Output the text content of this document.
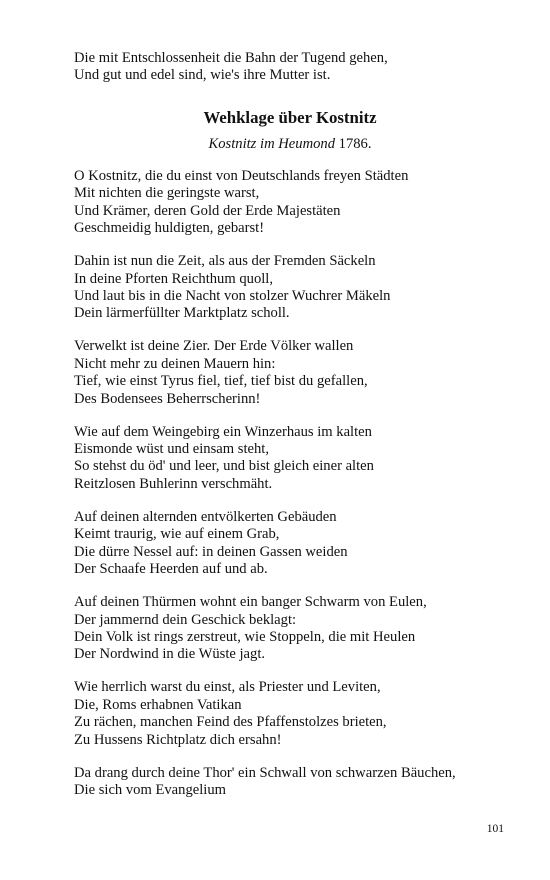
Die mit Entschlossenheit die Bahn der Tugend gehen,
Und gut und edel sind, wie's ihre Mutter ist.
Wehklage über Kostnitz
Kostnitz im Heumond 1786.
O Kostnitz, die du einst von Deutschlands freyen Städten
Mit nichten die geringste warst,
Und Krämer, deren Gold der Erde Majestäten
Geschmeidig huldigten, gebarst!
Dahin ist nun die Zeit, als aus der Fremden Säckeln
In deine Pforten Reichthum quoll,
Und laut bis in die Nacht von stolzer Wuchrer Mäkeln
Dein lärmerfüllter Marktplatz scholl.
Verwelkt ist deine Zier. Der Erde Völker wallen
Nicht mehr zu deinen Mauern hin:
Tief, wie einst Tyrus fiel, tief, tief bist du gefallen,
Des Bodensees Beherrscherinn!
Wie auf dem Weingebirg ein Winzerhaus im kalten
Eismonde wüst und einsam steht,
So stehst du öd' und leer, und bist gleich einer alten
Reitzlosen Buhlerinn verschmäht.
Auf deinen alternden entvölkerten Gebäuden
Keimt traurig, wie auf einem Grab,
Die dürre Nessel auf: in deinen Gassen weiden
Der Schaafe Heerden auf und ab.
Auf deinen Thürmen wohnt ein banger Schwarm von Eulen,
Der jammernd dein Geschick beklagt:
Dein Volk ist rings zerstreut, wie Stoppeln, die mit Heulen
Der Nordwind in die Wüste jagt.
Wie herrlich warst du einst, als Priester und Leviten,
Die, Roms erhabnen Vatikan
Zu rächen, manchen Feind des Pfaffenstolzes brieten,
Zu Hussens Richtplatz dich ersahn!
Da drang durch deine Thor' ein Schwall von schwarzen Bäuchen,
Die sich vom Evangelium
101
